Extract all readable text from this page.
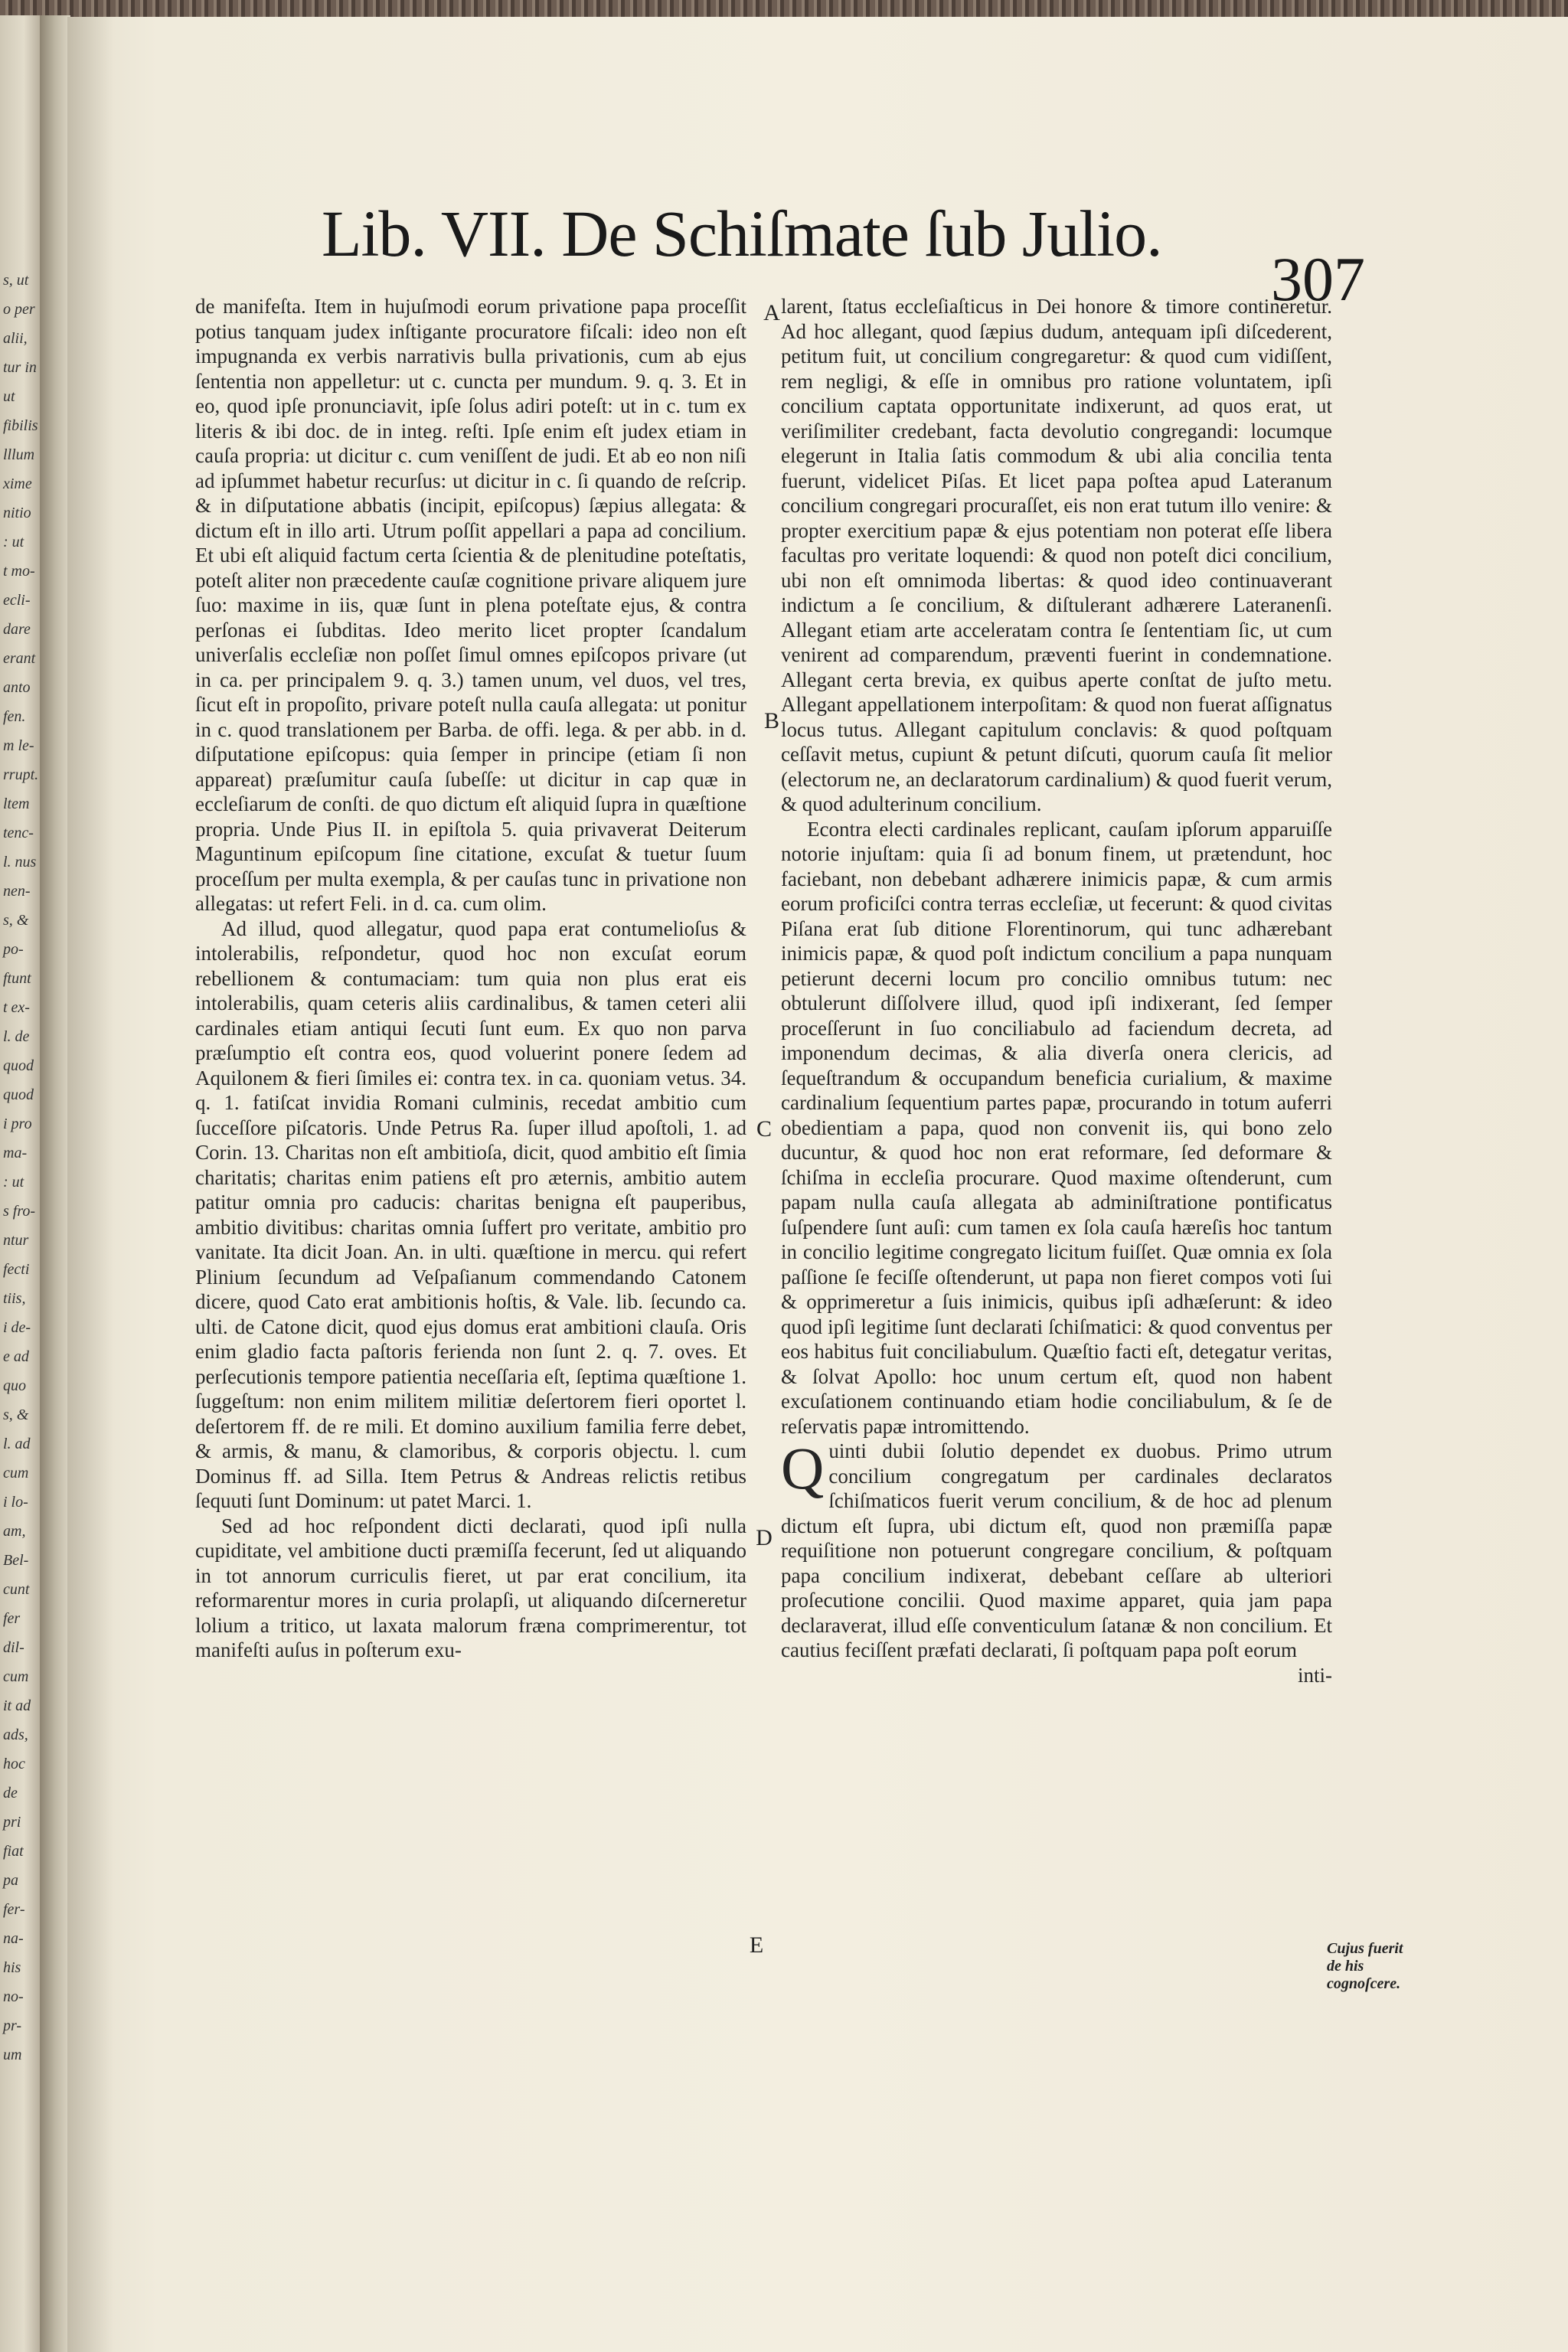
s, ut
o per
alii,
tur in
ut
fibilis
lllum
xime
nitio
: ut
t mo-
ecli-
dare
erant
anto
fen.
m le-
rrupt.
ltem
tenc-
l. nus
nen-
s, &
po-
ftunt
t ex-
l. de
quod
quod
i pro
ma-
: ut
s fro-
ntur
fecti
tiis,
i de-
e ad
quo
s, &
l. ad
cum
i lo-
am,
Bel-
cunt
fer
dil-
cum
it ad
ads,
hoc
de
pri
fiat
pa
fer-
na-
his
no-
pr-
um
Lib. VII. De Schiſmate ſub Julio.
307

de manifeſta. Item in hujuſmodi eorum privatione papa proceſſit potius tanquam judex inſtigante procuratore fiſcali: ideo non eſt impugnanda ex verbis narrativis bulla privationis, cum ab ejus ſententia non appelletur: ut c. cuncta per mundum. 9. q. 3. Et in eo, quod ipſe pronunciavit, ipſe ſolus adiri poteſt: ut in c. tum ex literis & ibi doc. de in integ. reſti. Ipſe enim eſt judex etiam in cauſa propria: ut dicitur c. cum veniſſent de judi. Et ab eo non niſi ad ipſummet habetur recurſus: ut dicitur in c. ſi quando de reſcrip. & in diſputatione abbatis (incipit, epiſcopus) ſæpius allegata: & dictum eſt in illo arti. Utrum poſſit appellari a papa ad concilium. Et ubi eſt aliquid factum certa ſcientia & de plenitudine poteſtatis, poteſt aliter non præcedente cauſæ cognitione privare aliquem jure ſuo: maxime in iis, quæ ſunt in plena poteſtate ejus, & contra perſonas ei ſubditas. Ideo merito licet propter ſcandalum univerſalis eccleſiæ non poſſet ſimul omnes epiſcopos privare (ut in ca. per principalem 9. q. 3.) tamen unum, vel duos, vel tres, ſicut eſt in propoſito, privare poteſt nulla cauſa allegata: ut ponitur in c. quod translationem per Barba. de offi. lega. & per abb. in d. diſputatione epiſcopus: quia ſemper in principe (etiam ſi non appareat) præſumitur cauſa ſubeſſe: ut dicitur in cap quæ in eccleſiarum de conſti. de quo dictum eſt aliquid ſupra in quæſtione propria. Unde Pius II. in epiſtola 5. quia privaverat Deiterum Maguntinum epiſcopum ſine citatione, excuſat & tuetur ſuum proceſſum per multa exempla, & per cauſas tunc in privatione non allegatas: ut refert Feli. in d. ca. cum olim.

Ad illud, quod allegatur, quod papa erat contumelioſus & intolerabilis, reſpondetur, quod hoc non excuſat eorum rebellionem & contumaciam: tum quia non plus erat eis intolerabilis, quam ceteris aliis cardinalibus, & tamen ceteri alii cardinales etiam antiqui ſecuti ſunt eum. Ex quo non parva præſumptio eſt contra eos, quod voluerint ponere ſedem ad Aquilonem & fieri ſimiles ei: contra tex. in ca. quoniam vetus. 34. q. 1. fatiſcat invidia Romani culminis, recedat ambitio cum ſucceſſore piſcatoris. Unde Petrus Ra. ſuper illud apoſtoli, 1. ad Corin. 13. Charitas non eſt ambitioſa, dicit, quod ambitio eſt ſimia charitatis; charitas enim patiens eſt pro æternis, ambitio autem patitur omnia pro caducis: charitas benigna eſt pauperibus, ambitio divitibus: charitas omnia ſuffert pro veritate, ambitio pro vanitate. Ita dicit Joan. An. in ulti. quæſtione in mercu. qui refert Plinium ſecundum ad Veſpaſianum commendando Catonem dicere, quod Cato erat ambitionis hoſtis, & Vale. lib. ſecundo ca. ulti. de Catone dicit, quod ejus domus erat ambitioni clauſa. Oris enim gladio facta paſtoris ferienda non ſunt 2. q. 7. oves. Et perſecutionis tempore patientia neceſſaria eſt, ſeptima quæſtione 1. ſuggeſtum: non enim militem militiæ deſertorem fieri oportet l. deſertorem ff. de re mili. Et domino auxilium familia ferre debet, & armis, & manu, & clamoribus, & corporis objectu. l. cum Dominus ff. ad Silla. Item Petrus & Andreas relictis retibus ſequuti ſunt Dominum: ut patet Marci. 1.

Sed ad hoc reſpondent dicti declarati, quod ipſi nulla cupiditate, vel ambitione ducti præmiſſa fecerunt, ſed ut aliquando in tot annorum curriculis fieret, ut par erat concilium, ita reformarentur mores in curia prolapſi, ut aliquando diſcerneretur lolium a tritico, ut laxata malorum fræna comprimerentur, tot manifeſti auſus in poſterum exu-

larent, ſtatus eccleſiaſticus in Dei honore & timore contineretur. Ad hoc allegant, quod ſæpius dudum, antequam ipſi diſcederent, petitum fuit, ut concilium congregaretur: & quod cum vidiſſent, rem negligi, & eſſe in omnibus pro ratione voluntatem, ipſi concilium captata opportunitate indixerunt, ad quos erat, ut veriſimiliter credebant, facta devolutio congregandi: locumque elegerunt in Italia ſatis commodum & ubi alia concilia tenta fuerunt, videlicet Piſas. Et licet papa poſtea apud Lateranum concilium congregari procuraſſet, eis non erat tutum illo venire: & propter exercitium papæ & ejus potentiam non poterat eſſe libera facultas pro veritate loquendi: & quod non poteſt dici concilium, ubi non eſt omnimoda libertas: & quod ideo continuaverant indictum a ſe concilium, & diſtulerant adhærere Lateranenſi. Allegant etiam arte acceleratam contra ſe ſententiam ſic, ut cum venirent ad comparendum, præventi fuerint in condemnatione. Allegant certa brevia, ex quibus aperte conſtat de juſto metu. Allegant appellationem interpoſitam: & quod non fuerat aſſignatus locus tutus. Allegant capitulum conclavis: & quod poſtquam ceſſavit metus, cupiunt & petunt diſcuti, quorum cauſa ſit melior (electorum ne, an declaratorum cardinalium) & quod fuerit verum, & quod adulterinum concilium.

Econtra electi cardinales replicant, cauſam ipſorum apparuiſſe notorie injuſtam: quia ſi ad bonum finem, ut prætendunt, hoc faciebant, non debebant adhærere inimicis papæ, & cum armis eorum proficiſci contra terras eccleſiæ, ut fecerunt: & quod civitas Piſana erat ſub ditione Florentinorum, qui tunc adhærebant inimicis papæ, & quod poſt indictum concilium a papa nunquam petierunt decerni locum pro concilio omnibus tutum: nec obtulerunt diſſolvere illud, quod ipſi indixerant, ſed ſemper proceſſerunt in ſuo conciliabulo ad faciendum decreta, ad imponendum decimas, & alia diverſa onera clericis, ad ſequeſtrandum & occupandum beneficia curialium, & maxime cardinalium ſequentium partes papæ, procurando in totum auferri obedientiam a papa, quod non convenit iis, qui bono zelo ducuntur, & quod hoc non erat reformare, ſed deformare & ſchiſma in eccleſia procurare. Quod maxime oſtenderunt, cum papam nulla cauſa allegata ab adminiſtratione pontificatus ſuſpendere ſunt auſi: cum tamen ex ſola cauſa hæreſis hoc tantum in concilio legitime congregato licitum fuiſſet. Quæ omnia ex ſola paſſione ſe feciſſe oſtenderunt, ut papa non fieret compos voti ſui & opprimeretur a ſuis inimicis, quibus ipſi adhæſerunt: & ideo quod ipſi legitime ſunt declarati ſchiſmatici: & quod conventus per eos habitus fuit conciliabulum. Quæſtio facti eſt, detegatur veritas, & ſolvat Apollo: hoc unum certum eſt, quod non habent excuſationem continuando etiam hodie conciliabulum, & ſe de reſervatis papæ intromittendo.

Quinti dubii ſolutio dependet ex duobus. Primo utrum concilium congregatum per cardinales declaratos ſchiſmaticos fuerit verum concilium, & de hoc ad plenum dictum eſt ſupra, ubi dictum eſt, quod non præmiſſa papæ requiſitione non potuerunt congregare concilium, & poſtquam papa concilium indixerat, debebant ceſſare ab ulteriori proſecutione concilii. Quod maxime apparet, quia jam papa declaraverat, illud eſſe conventiculum ſatanæ & non concilium. Et cautius feciſſent præfati declarati, ſi poſtquam papa poſt eorum

inti-

A
B
C
D
E	Cujus fuerit de his cognoſcere.
